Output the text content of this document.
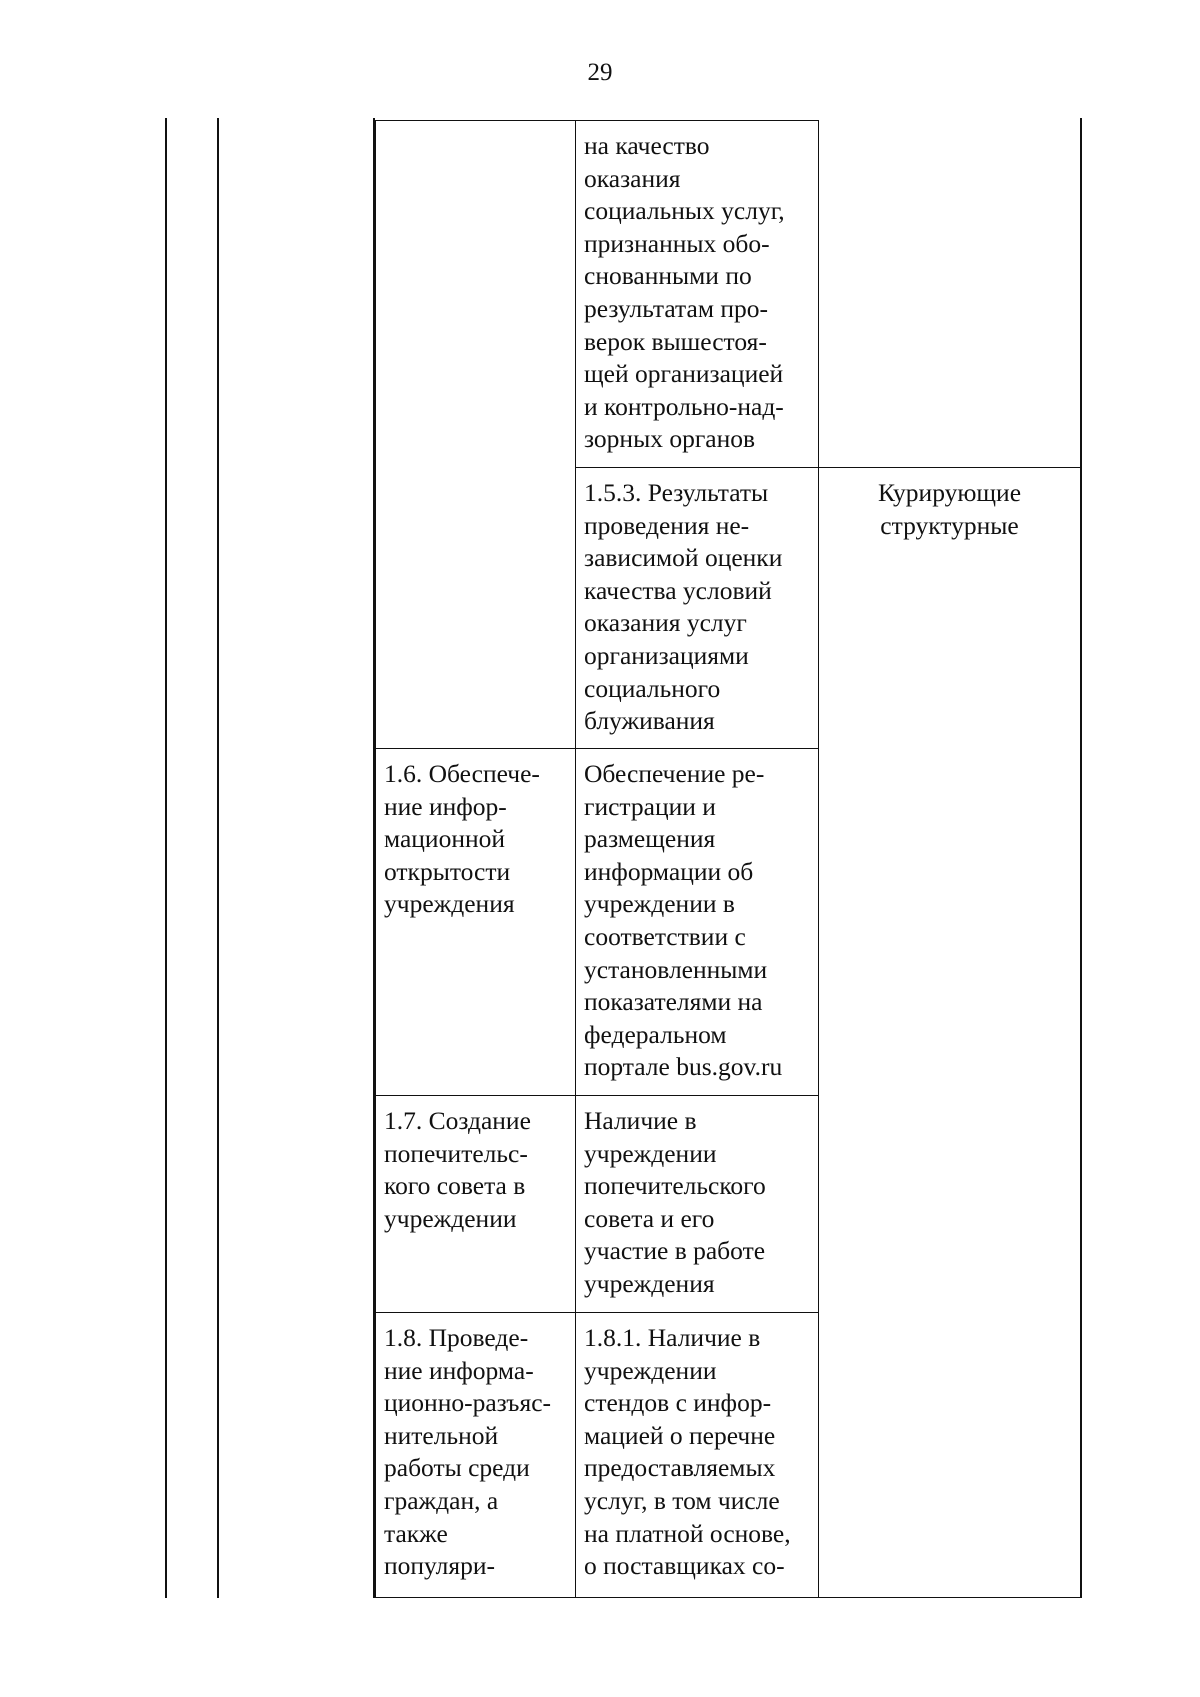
29
на качество
оказания
социальных услуг,
признанных обо-
снованными по
результатам про-
верок вышестоя-
щей организацией
и контрольно-над-
зорных органов
1.5.3. Результаты
проведения не-
зависимой оценки
качества условий
оказания услуг
организациями
социального
блуживания
Курирующие
структурные
1.6. Обеспече-
ние инфор-
мационной
открытости
учреждения
Обеспечение ре-
гистрации и
размещения
информации об
учреждении в
соответствии с
установленными
показателями на
федеральном
портале bus.gov.ru
1.7. Создание
попечительс-
кого совета в
учреждении
Наличие в
учреждении
попечительского
совета и его
участие в работе
учреждения
1.8. Проведе-
ние информа-
ционно-разъяс-
нительной
работы среди
граждан, а
также
популяри-
1.8.1. Наличие в
учреждении
стендов с инфор-
мацией о перечне
предоставляемых
услуг, в том числе
на платной основе,
о поставщиках со-
